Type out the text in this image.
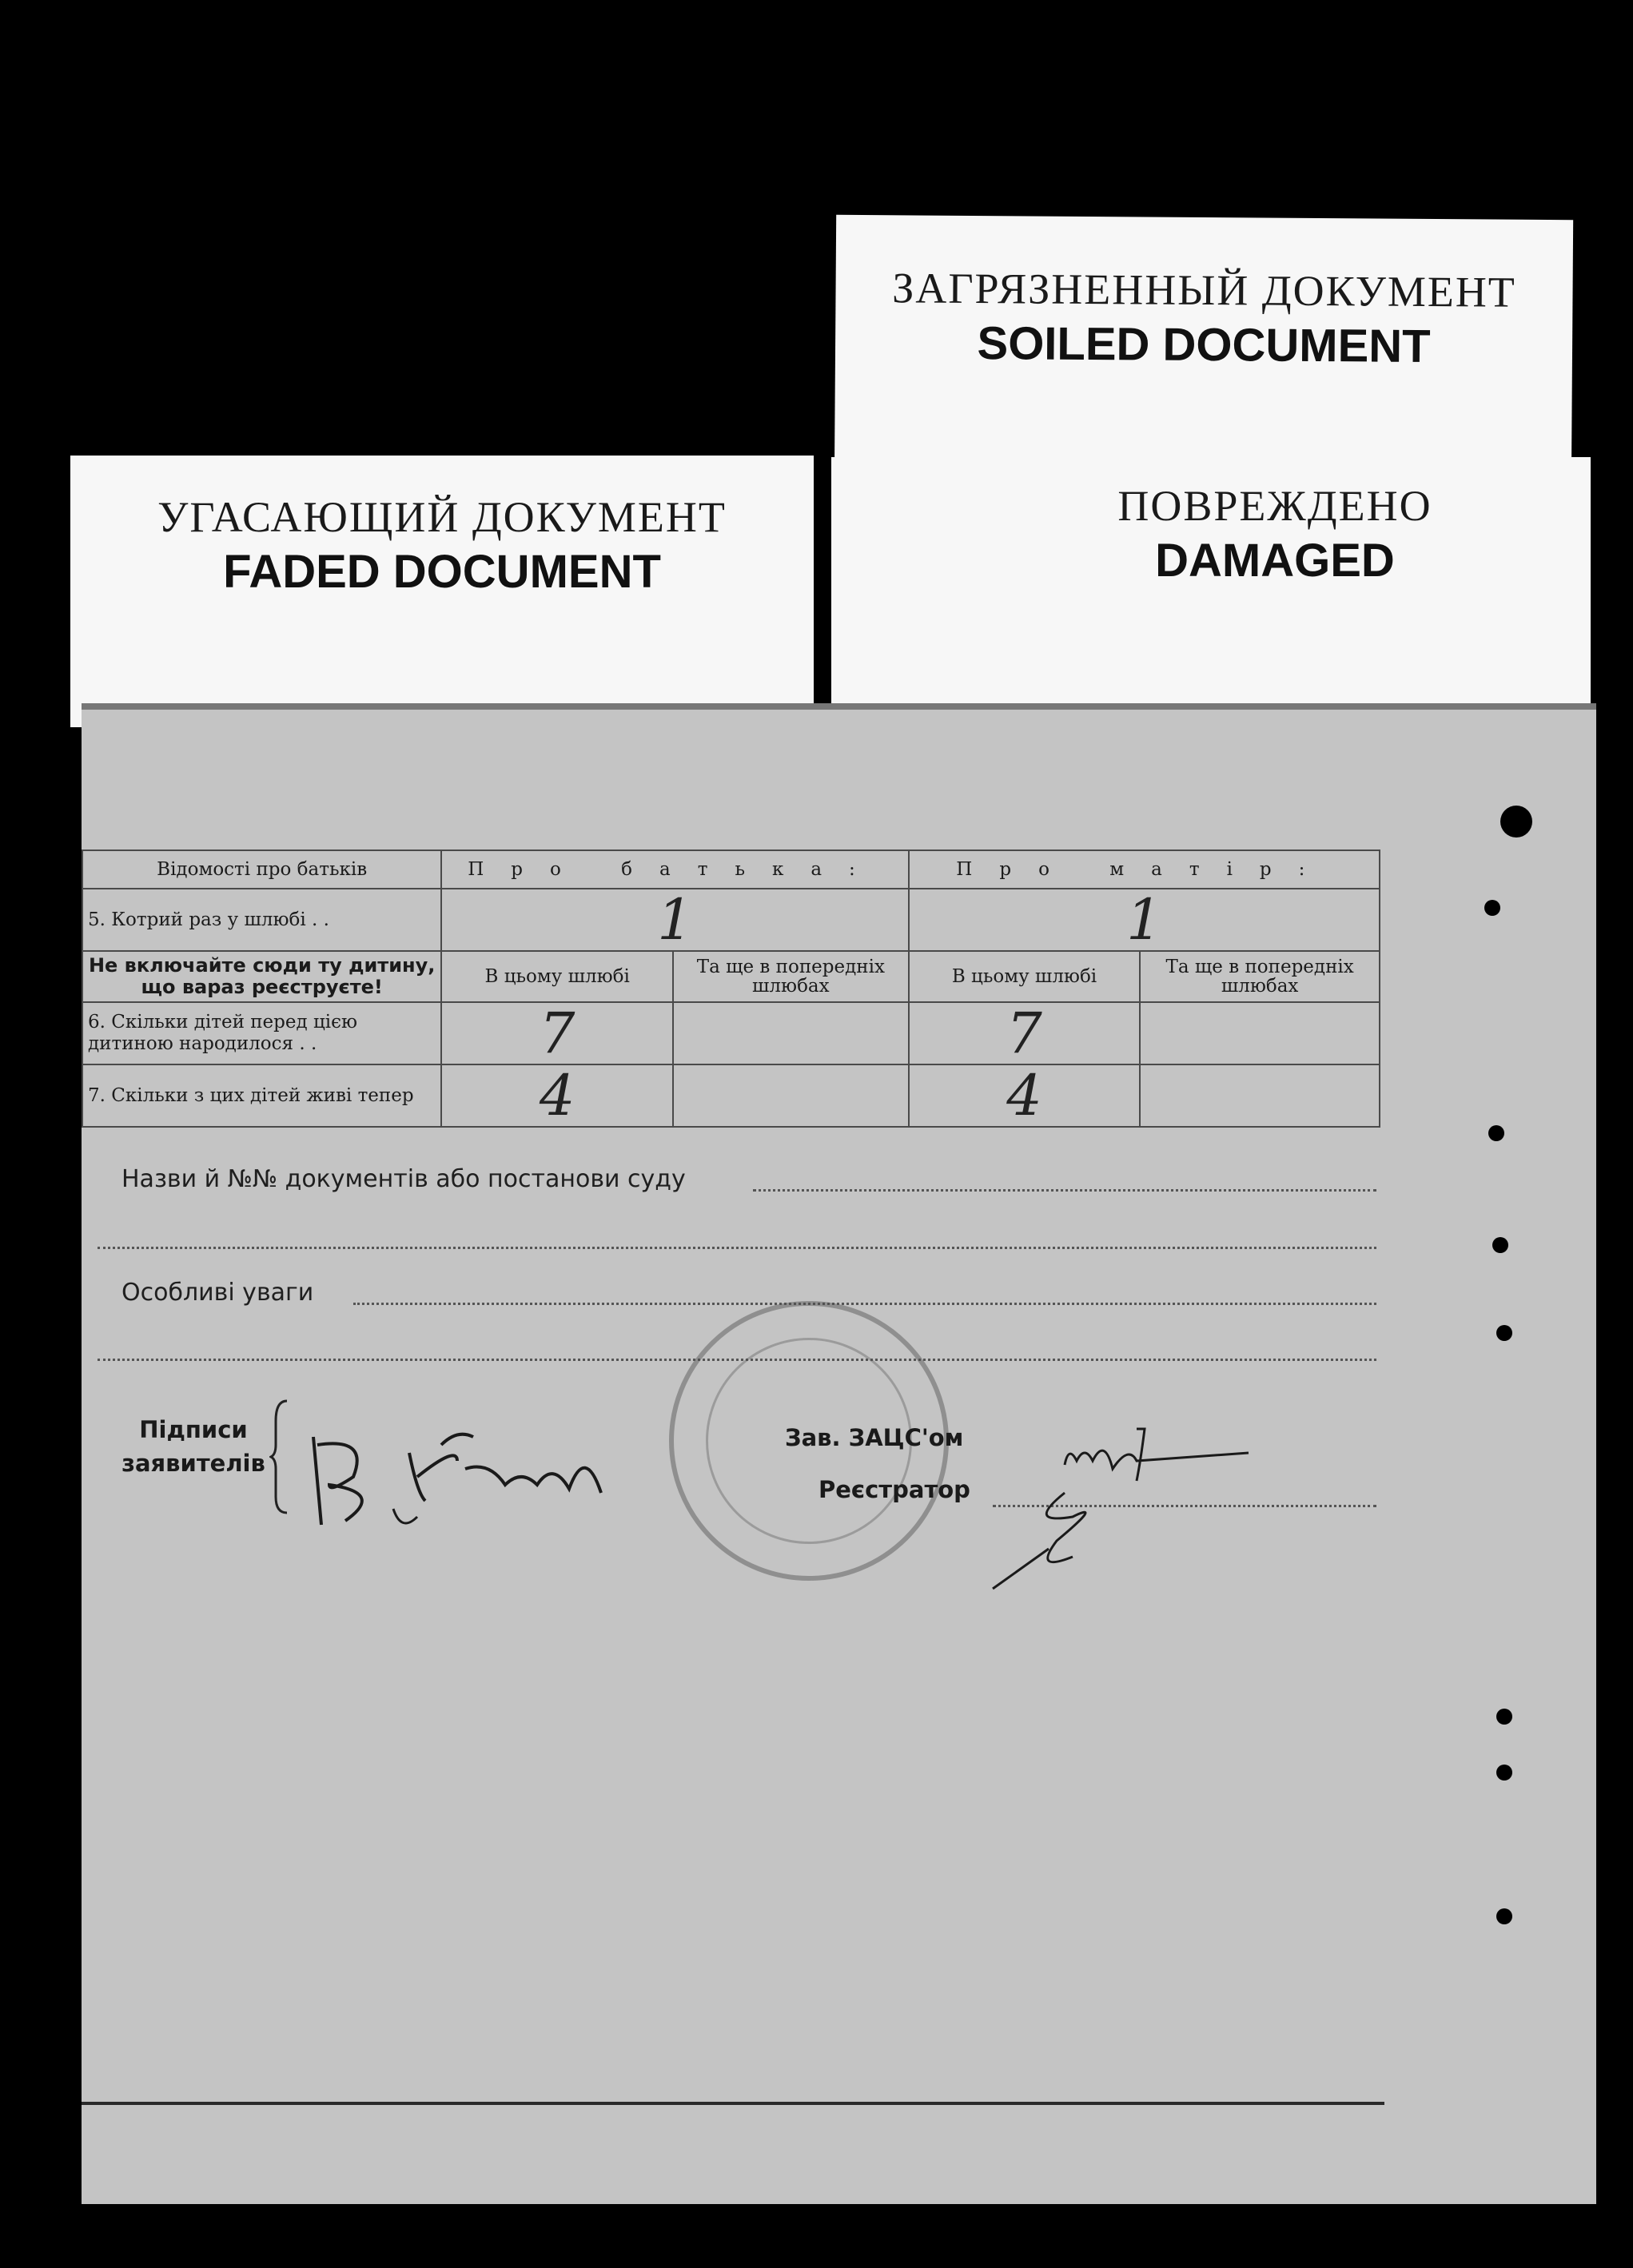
ЗАГРЯЗНЕННЫЙ ДОКУМЕНТ
SOILED DOCUMENT
УГАСАЮЩИЙ ДОКУМЕНТ
FADED DOCUMENT
ПОВРЕЖДЕНО
DAMAGED
Відомості про батьків	Про батька:		Про матір:	
5. Котрий раз у шлюбі . .	1		1	
Не включайте сюди ту дитину, що вараз реєструєте!	В цьому шлюбі	Та ще в попередніх шлюбах	В цьому шлюбі	Та ще в попередніх шлюбах
6. Скільки дітей перед цією дитиною народилося . .	7		7	
7. Скільки з цих дітей живі тепер	4		4	
Назви й №№ документів або постанови суду
Особливі уваги
Підписи заявителів
Зав. ЗАЦС'ом
Реєстратор
